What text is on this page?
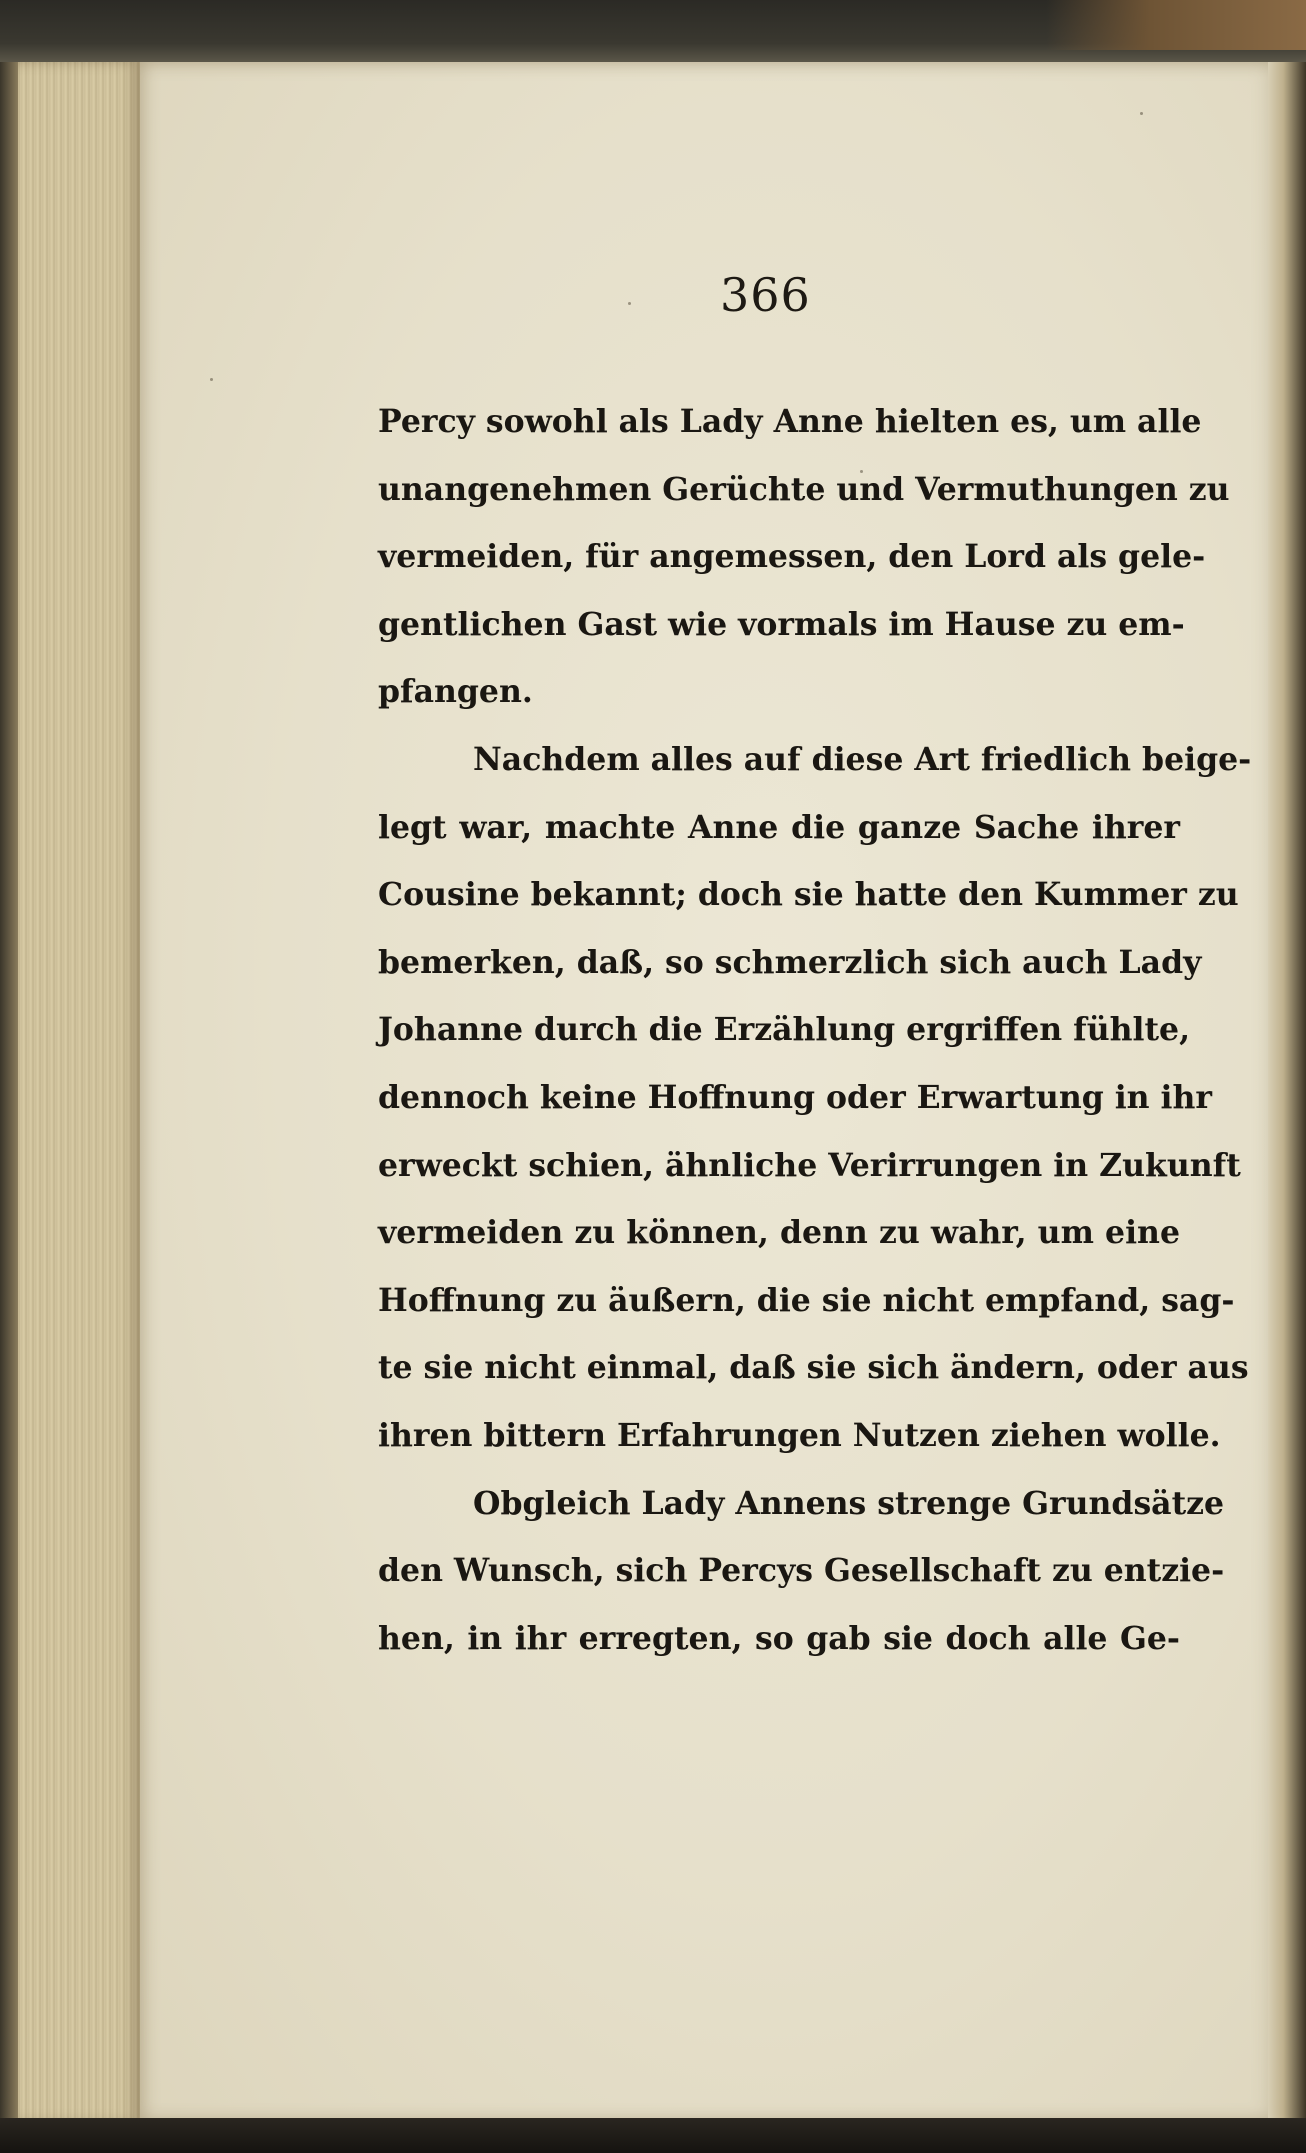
366
Percy sowohl als Lady Anne hielten es, um alle
unangenehmen Gerüchte und Vermuthungen zu
vermeiden, für angemessen, den Lord als gele-
gentlichen Gast wie vormals im Hause zu em-
pfangen.
Nachdem alles auf diese Art friedlich beige-
legt war, machte Anne die ganze Sache ihrer
Cousine bekannt; doch sie hatte den Kummer zu
bemerken, daß, so schmerzlich sich auch Lady
Johanne durch die Erzählung ergriffen fühlte,
dennoch keine Hoffnung oder Erwartung in ihr
erweckt schien, ähnliche Verirrungen in Zukunft
vermeiden zu können, denn zu wahr, um eine
Hoffnung zu äußern, die sie nicht empfand, sag-
te sie nicht einmal, daß sie sich ändern, oder aus
ihren bittern Erfahrungen Nutzen ziehen wolle.
Obgleich Lady Annens strenge Grundsätze
den Wunsch, sich Percys Gesellschaft zu entzie-
hen, in ihr erregten, so gab sie doch alle Ge-
